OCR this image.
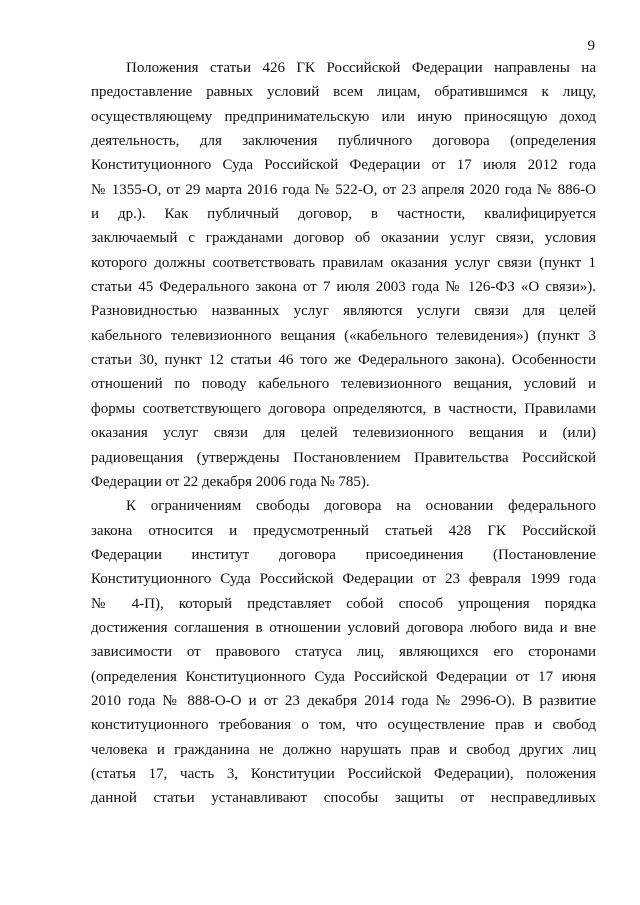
9
Положения статьи 426 ГК Российской Федерации направлены на
предоставление равных условий всем лицам, обратившимся к лицу,
осуществляющему предпринимательскую или иную приносящую доход
деятельность, для заключения публичного договора (определения
Конституционного Суда Российской Федерации от 17 июля 2012 года
№ 1355-О, от 29 марта 2016 года № 522-О, от 23 апреля 2020 года № 886-О
и др.). Как публичный договор, в частности, квалифицируется
заключаемый с гражданами договор об оказании услуг связи, условия
которого должны соответствовать правилам оказания услуг связи (пункт 1
статьи 45 Федерального закона от 7 июля 2003 года № 126-ФЗ «О связи»).
Разновидностью названных услуг являются услуги связи для целей
кабельного телевизионного вещания («кабельного телевидения») (пункт 3
статьи 30, пункт 12 статьи 46 того же Федерального закона). Особенности
отношений по поводу кабельного телевизионного вещания, условий и
формы соответствующего договора определяются, в частности, Правилами
оказания услуг связи для целей телевизионного вещания и (или)
радиовещания (утверждены Постановлением Правительства Российской
Федерации от 22 декабря 2006 года № 785).
К ограничениям свободы договора на основании федерального
закона относится и предусмотренный статьей 428 ГК Российской
Федерации институт договора присоединения (Постановление
Конституционного Суда Российской Федерации от 23 февраля 1999 года
№ 4-П), который представляет собой способ упрощения порядка
достижения соглашения в отношении условий договора любого вида и вне
зависимости от правового статуса лиц, являющихся его сторонами
(определения Конституционного Суда Российской Федерации от 17 июня
2010 года № 888-О-О и от 23 декабря 2014 года № 2996-О). В развитие
конституционного требования о том, что осуществление прав и свобод
человека и гражданина не должно нарушать прав и свобод других лиц
(статья 17, часть 3, Конституции Российской Федерации), положения
данной статьи устанавливают способы защиты от несправедливых
